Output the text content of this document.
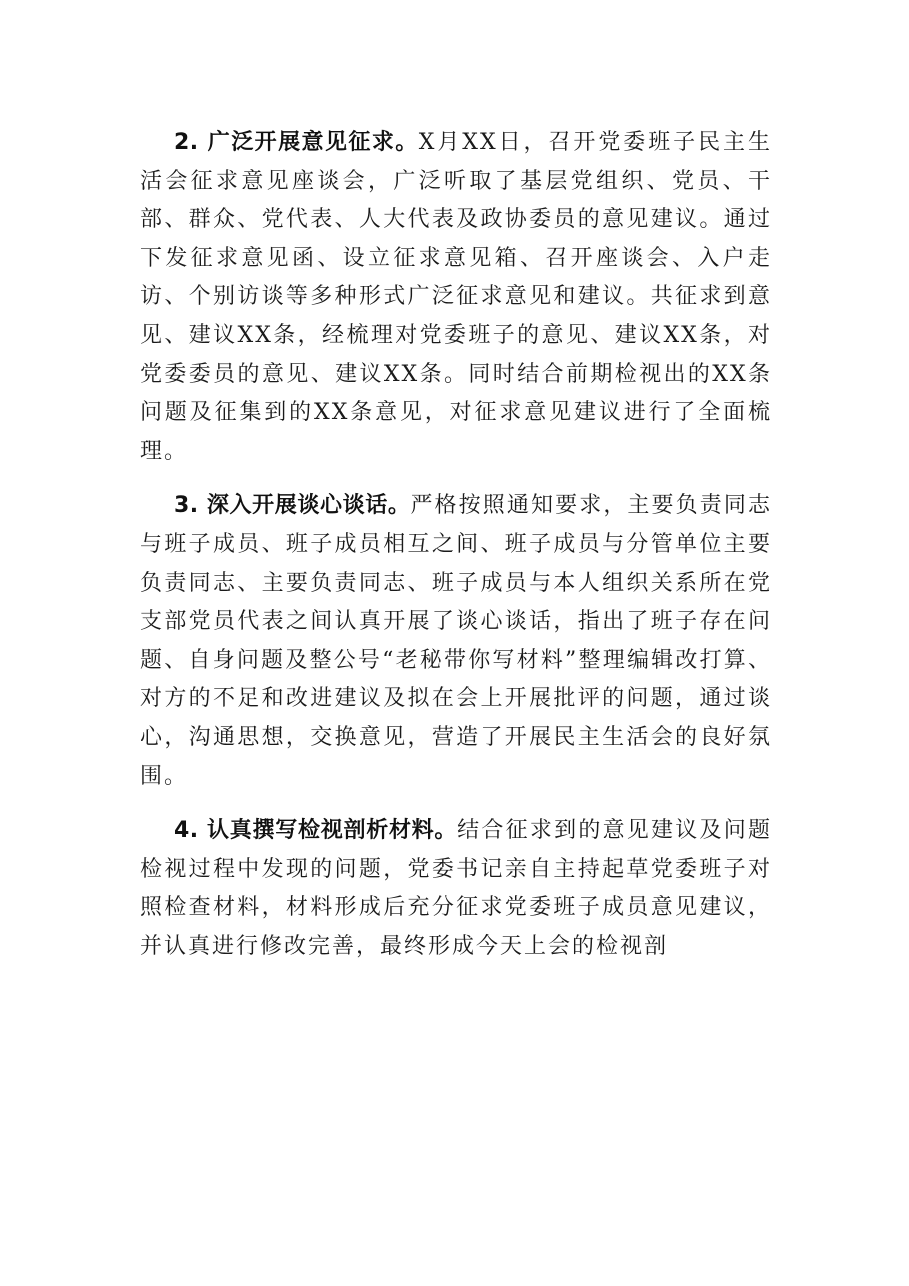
2. 广泛开展意见征求。X月XX日，召开党委班子民主生活会征求意见座谈会，广泛听取了基层党组织、党员、干部、群众、党代表、人大代表及政协委员的意见建议。通过下发征求意见函、设立征求意见箱、召开座谈会、入户走访、个别访谈等多种形式广泛征求意见和建议。共征求到意见、建议XX条，经梳理对党委班子的意见、建议XX条，对党委委员的意见、建议XX条。同时结合前期检视出的XX条问题及征集到的XX条意见，对征求意见建议进行了全面梳理。

3. 深入开展谈心谈话。严格按照通知要求，主要负责同志与班子成员、班子成员相互之间、班子成员与分管单位主要负责同志、主要负责同志、班子成员与本人组织关系所在党支部党员代表之间认真开展了谈心谈话，指出了班子存在问题、自身问题及整公号“老秘带你写材料”整理编辑改打算、对方的不足和改进建议及拟在会上开展批评的问题，通过谈心，沟通思想，交换意见，营造了开展民主生活会的良好氛围。

4. 认真撰写检视剖析材料。结合征求到的意见建议及问题检视过程中发现的问题，党委书记亲自主持起草党委班子对照检查材料，材料形成后充分征求党委班子成员意见建议，并认真进行修改完善，最终形成今天上会的检视剖
